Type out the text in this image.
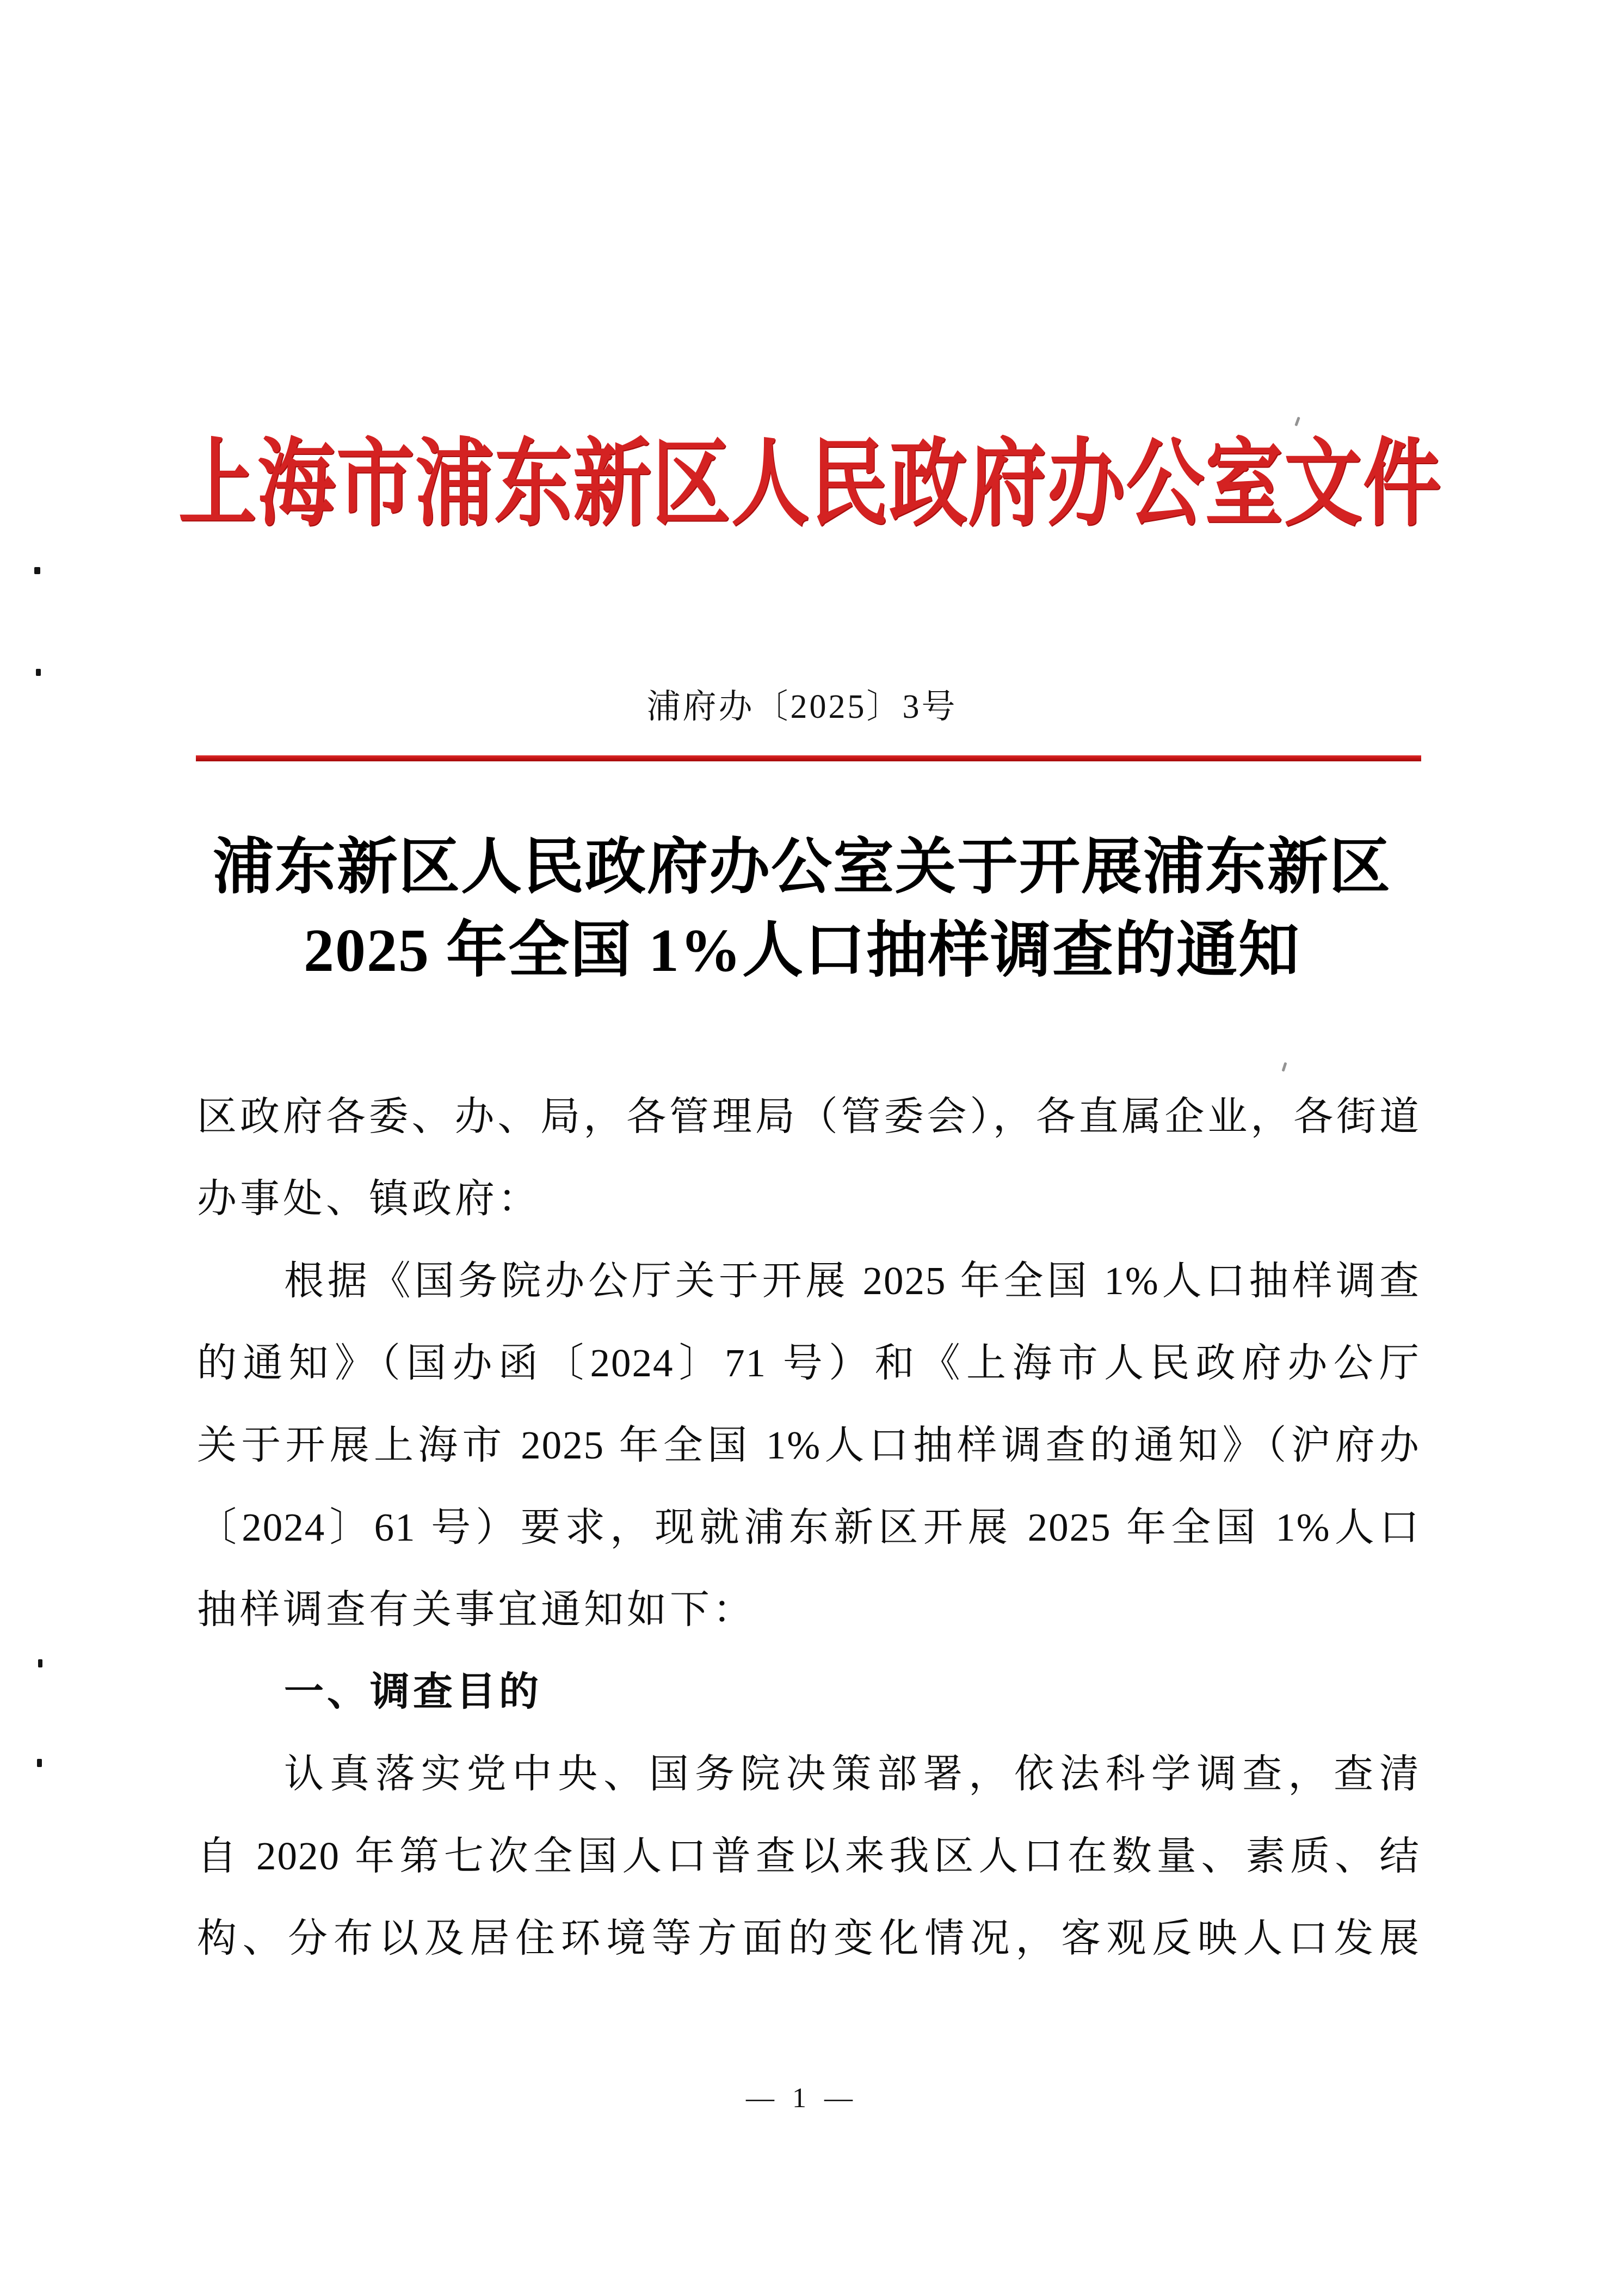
上海市浦东新区人民政府办公室文件
浦府办〔2025〕3号
浦东新区人民政府办公室关于开展浦东新区
2025 年全国 1%人口抽样调查的通知
区政府各委、办、局，各管理局（管委会），各直属企业，各街道
办事处、镇政府：
根据《国务院办公厅关于开展 2025 年全国 1%人口抽样调查
的通知》（国办函〔2024〕71 号）和《上海市人民政府办公厅
关于开展上海市 2025 年全国 1%人口抽样调查的通知》（沪府办
〔2024〕61 号）要求，现就浦东新区开展 2025 年全国 1%人口
抽样调查有关事宜通知如下：
一、调查目的
认真落实党中央、国务院决策部署，依法科学调查，查清
自 2020 年第七次全国人口普查以来我区人口在数量、素质、结
构、分布以及居住环境等方面的变化情况，客观反映人口发展
— 1 —
